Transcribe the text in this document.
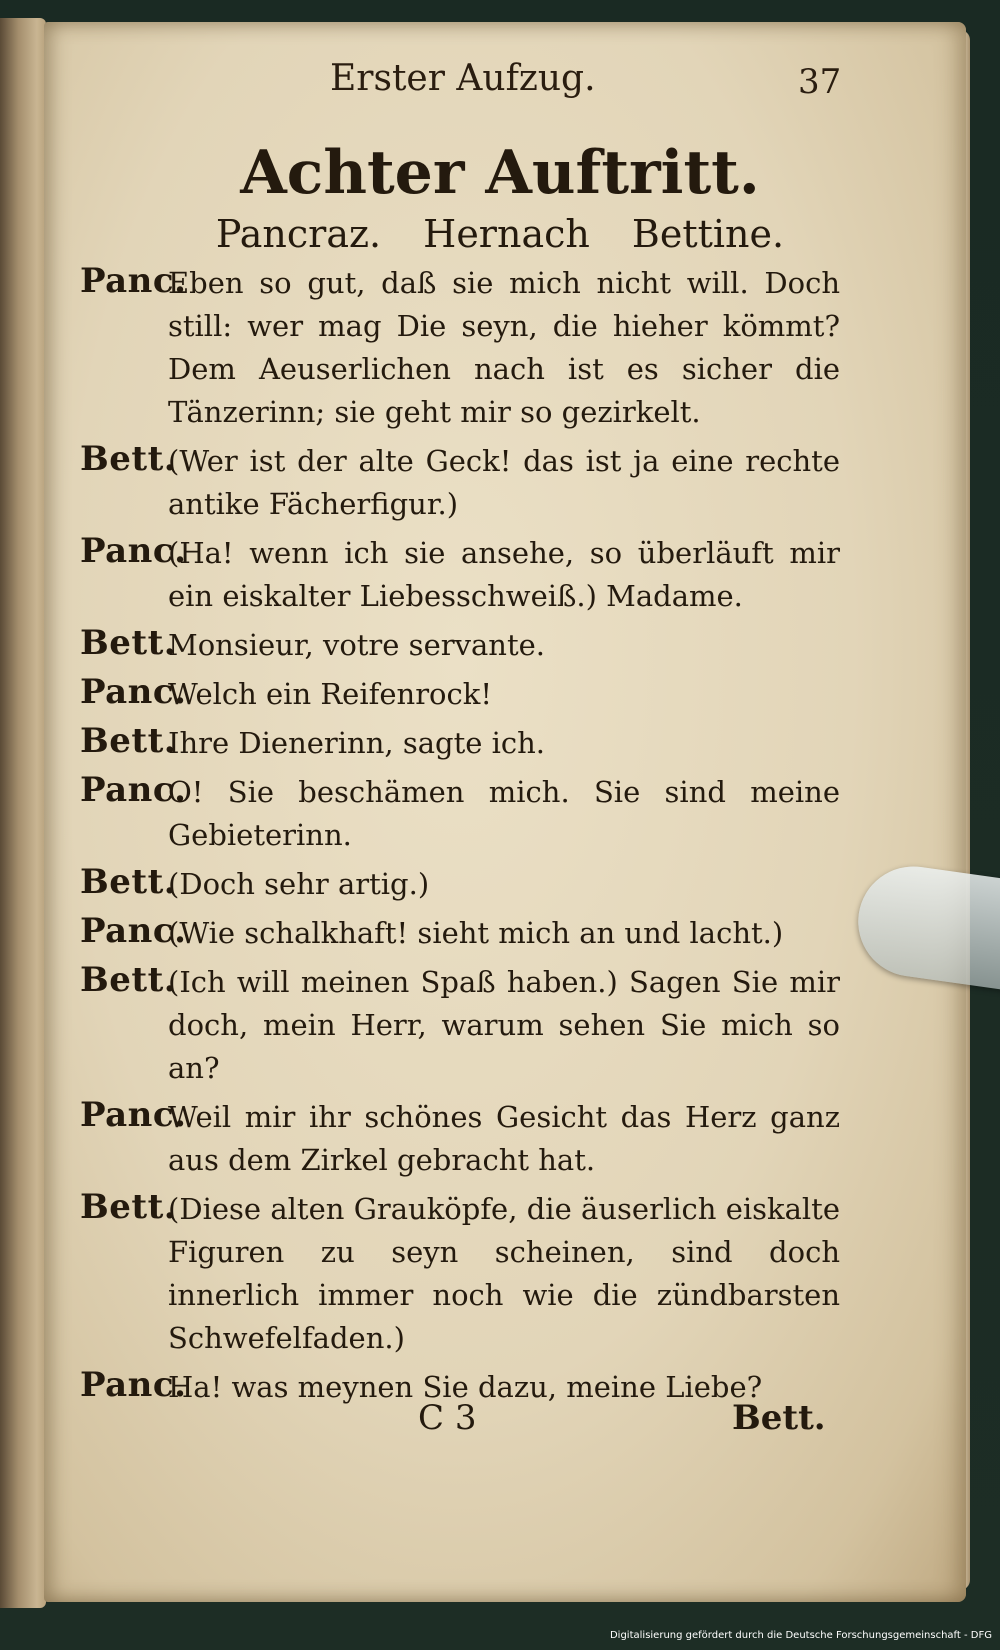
Erster Aufzug.	37
Achter Auftritt.
Pancraz. Hernach Bettine.
Panc.
Eben so gut, daß sie mich nicht will. Doch still: wer mag Die seyn, die hieher kömmt? Dem Aeuserlichen nach ist es sicher die Tänzerinn; sie geht mir so gezirkelt.
Bett.
(Wer ist der alte Geck! das ist ja eine rechte antike Fächerfigur.)
Panc.
(Ha! wenn ich sie ansehe, so überläuft mir ein eiskalter Liebesschweiß.) Madame.
Bett.
Monsieur, votre servante.
Panc.
Welch ein Reifenrock!
Bett.
Ihre Dienerinn, sagte ich.
Panc.
O! Sie beschämen mich. Sie sind meine Gebieterinn.
Bett.
(Doch sehr artig.)
Panc.
(Wie schalkhaft! sieht mich an und lacht.)
Bett.
(Ich will meinen Spaß haben.) Sagen Sie mir doch, mein Herr, warum sehen Sie mich so an?
Panc.
Weil mir ihr schönes Gesicht das Herz ganz aus dem Zirkel gebracht hat.
Bett.
(Diese alten Grauköpfe, die äuserlich eiskalte Figuren zu seyn scheinen, sind doch innerlich immer noch wie die zündbarsten Schwefelfaden.)
Panc.
Ha! was meynen Sie dazu, meine Liebe?
C 3	Bett.
Digitalisierung gefördert durch die Deutsche Forschungsgemeinschaft - DFG
